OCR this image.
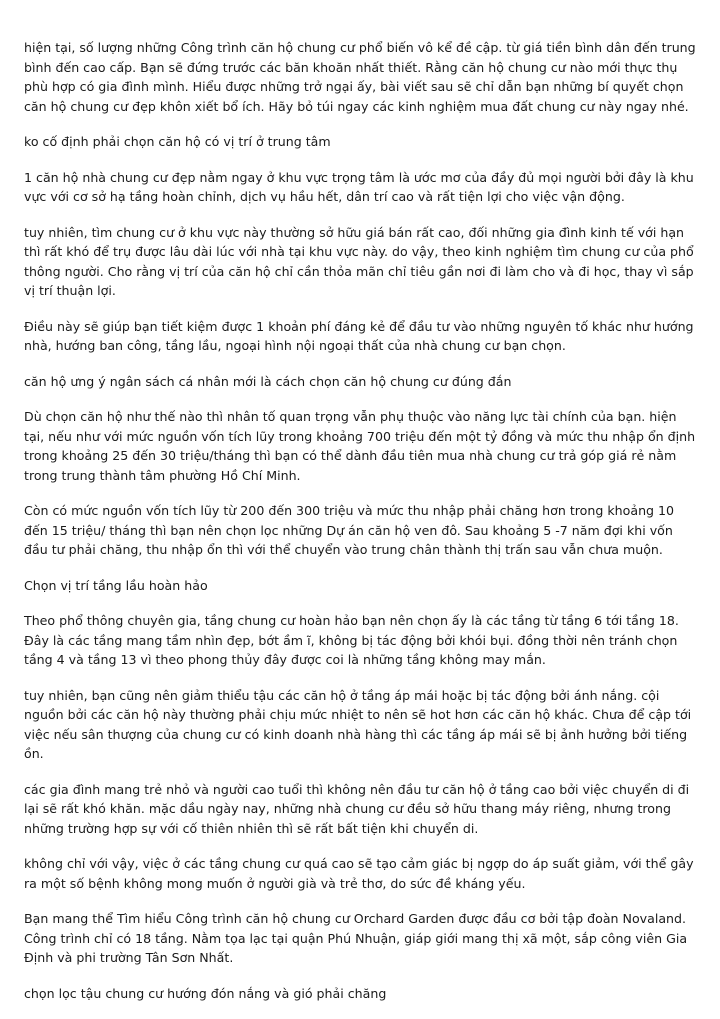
hiện tại, số lượng những Công trình căn hộ chung cư phổ biến vô kể đề cập. từ giá tiền bình dân đến trung bình đến cao cấp. Bạn sẽ đứng trước các băn khoăn nhất thiết. Rằng căn hộ chung cư nào mới thực thụ phù hợp có gia đình mình. Hiểu được những trở ngại ấy, bài viết sau sẽ chỉ dẫn bạn những bí quyết chọn căn hộ chung cư đẹp khôn xiết bổ ích. Hãy bỏ túi ngay các kinh nghiệm mua đất chung cư này ngay nhé.

ko cố định phải chọn căn hộ có vị trí ở trung tâm

1 căn hộ nhà chung cư đẹp nằm ngay ở khu vực trọng tâm là ước mơ của đầy đủ mọi người bởi đây là khu vực với cơ sở hạ tầng hoàn chỉnh, dịch vụ hầu hết, dân trí cao và rất tiện lợi cho việc vận động.

tuy nhiên, tìm chung cư ở khu vực này thường sở hữu giá bán rất cao, đối những gia đình kinh tế với hạn thì rất khó để trụ được lâu dài lúc với nhà tại khu vực này. do vậy, theo kinh nghiệm tìm chung cư của phổ thông người. Cho rằng vị trí của căn hộ chỉ cần thỏa mãn chỉ tiêu gần nơi đi làm cho và đi học, thay vì sắp vị trí thuận lợi.

Điều này sẽ giúp bạn tiết kiệm được 1 khoản phí đáng kẻ để đầu tư vào những nguyên tố khác như hướng nhà, hướng ban công, tầng lầu, ngoại hình nội ngoại thất của nhà chung cư bạn chọn.

căn hộ ưng ý ngân sách cá nhân mới là cách chọn căn hộ chung cư đúng đắn

Dù chọn căn hộ như thế nào thì nhân tố quan trọng vẫn phụ thuộc vào năng lực tài chính của bạn. hiện tại, nếu như với mức nguồn vốn tích lũy trong khoảng 700 triệu đến một tỷ đồng và mức thu nhập ổn định trong khoảng 25 đến 30 triệu/tháng thì bạn có thể dành đầu tiên mua nhà chung cư trả góp giá rẻ nằm trong trung thành tâm phường Hồ Chí Minh.

Còn có mức nguồn vốn tích lũy từ 200 đến 300 triệu và mức thu nhập phải chăng hơn trong khoảng 10 đến 15 triệu/ tháng thì bạn nên chọn lọc những Dự án căn hộ ven đô. Sau khoảng 5 -7 năm đợi khi vốn đầu tư phải chăng, thu nhập ổn thì với thể chuyển vào trung chân thành thị trấn sau vẫn chưa muộn.

Chọn vị trí tầng lầu hoàn hảo

Theo phổ thông chuyên gia, tầng chung cư hoàn hảo bạn nên chọn ấy là các tầng từ tầng 6 tới tầng 18. Đây là các tầng mang tầm nhìn đẹp, bớt ầm ĩ, không bị tác động bởi khói bụi. đồng thời nên tránh chọn tầng 4 và tầng 13 vì theo phong thủy đây được coi là những tầng không may mắn.

tuy nhiên, bạn cũng nên giảm thiểu tậu các căn hộ ở tầng áp mái hoặc bị tác động bởi ánh nắng. cội nguồn bởi các căn hộ này thường phải chịu mức nhiệt to nên sẽ hot hơn các căn hộ khác. Chưa để cập tới việc nếu sân thượng của chung cư có kinh doanh nhà hàng thì các tầng áp mái sẽ bị ảnh hưởng bởi tiếng ồn.

các gia đình mang trẻ nhỏ và người cao tuổi thì không nên đầu tư căn hộ ở tầng cao bởi việc chuyển di đi lại sẽ rất khó khăn. mặc dầu ngày nay, những nhà chung cư đều sở hữu thang máy riêng, nhưng trong những trường hợp sự với cố thiên nhiên thì sẽ rất bất tiện khi chuyển di.

không chỉ với vậy, việc ở các tầng chung cư quá cao sẽ tạo cảm giác bị ngợp do áp suất giảm, với thể gây ra một số bệnh không mong muốn ở người già và trẻ thơ, do sức đề kháng yếu.

Bạn mang thể Tìm hiểu Công trình căn hộ chung cư Orchard Garden được đầu cơ bởi tập đoàn Novaland. Công trình chỉ có 18 tầng. Nằm tọa lạc tại quận Phú Nhuận, giáp giới mang thị xã một, sắp công viên Gia Định và phi trường Tân Sơn Nhất.

chọn lọc tậu chung cư hướng đón nắng và gió phải chăng
